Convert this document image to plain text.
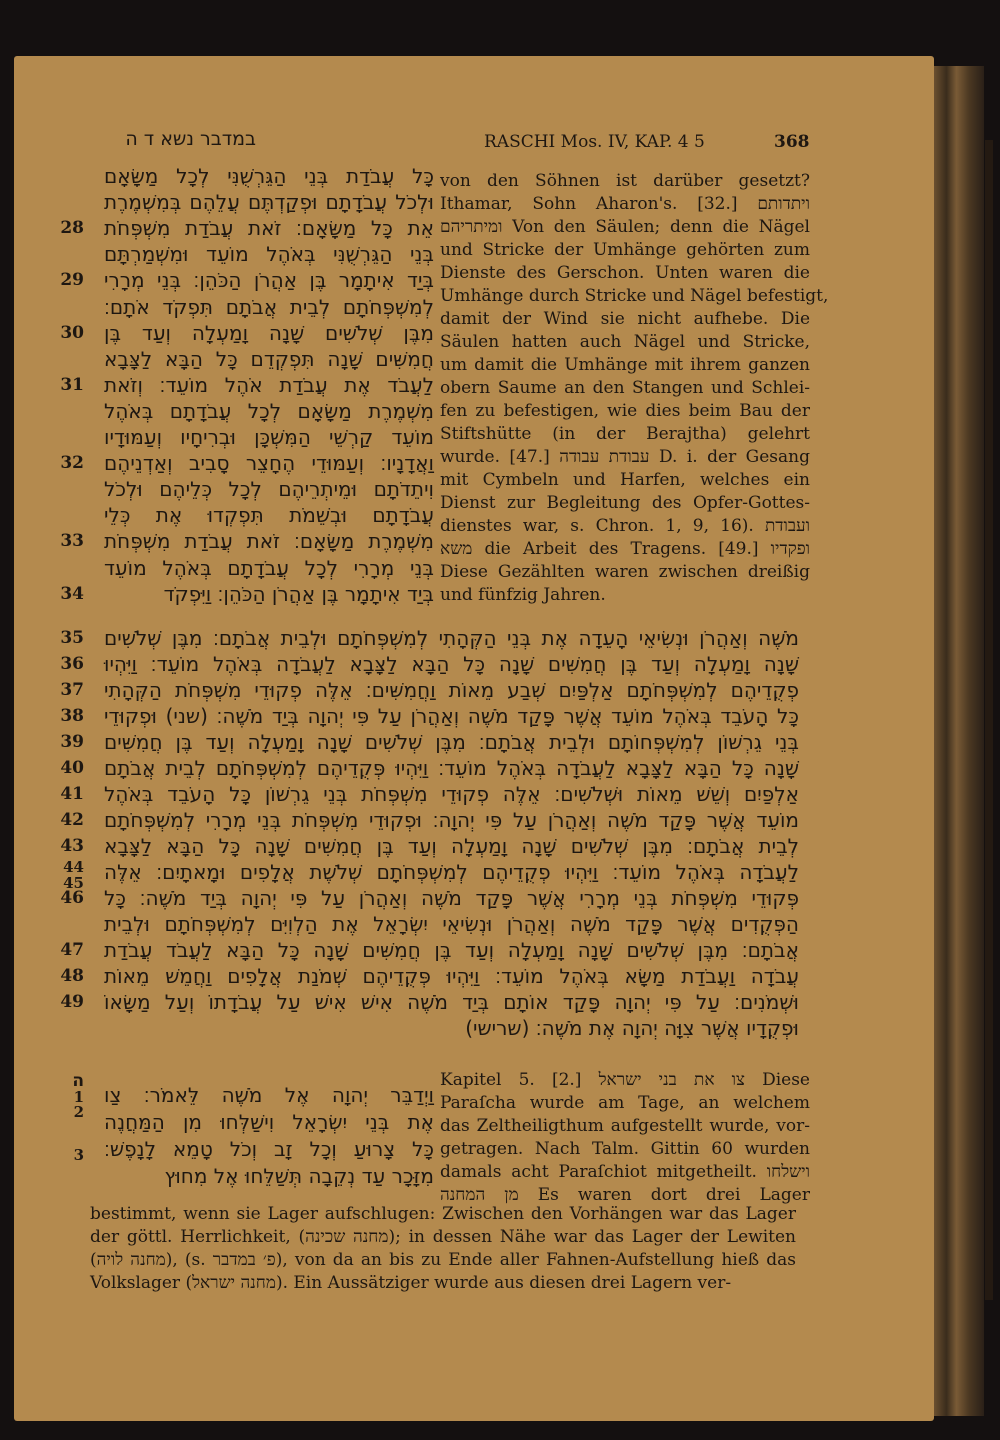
במדבר נשא ד ה	RASCHI Mos. IV, KAP. 4 5	368
כָּל עֲבֹדַת בְּנֵי הַגֵּרְשֻׁנִּי לְכָל מַשָּׂאָם
וּלְכֹל עֲבֹדָתָם וּפְקַדְתֶּם עֲלֵהֶם בְּמִשְׁמֶרֶת
אֵת כָּל מַשָּׂאָם׃ זֹאת עֲבֹדַת מִשְׁפְּחֹת
בְּנֵי הַגֵּרְשֻׁנִּי בְּאֹהֶל מוֹעֵד וּמִשְׁמַרְתָּם
בְּיַד אִיתָמָר בֶּן אַהֲרֹן הַכֹּהֵן׃ בְּנֵי מְרָרִי
לְמִשְׁפְּחֹתָם לְבֵית אֲבֹתָם תִּפְקֹד אֹתָם׃
מִבֶּן שְׁלֹשִׁים שָׁנָה וָמַעְלָה וְעַד בֶּן
חֲמִשִּׁים שָׁנָה תִּפְקְדֵם כָּל הַבָּא לַצָּבָא
לַעֲבֹד אֶת עֲבֹדַת אֹהֶל מוֹעֵד׃ וְזֹאת
מִשְׁמֶרֶת מַשָּׂאָם לְכָל עֲבֹדָתָם בְּאֹהֶל
מוֹעֵד קַרְשֵׁי הַמִּשְׁכָּן וּבְרִיחָיו וְעַמּוּדָיו
וַאֲדָנָיו׃ וְעַמּוּדֵי הֶחָצֵר סָבִיב וְאַדְנֵיהֶם
וִיתֵדֹתָם וּמֵיתְרֵיהֶם לְכָל כְּלֵיהֶם וּלְכֹל
עֲבֹדָתָם וּבְשֵׁמֹת תִּפְקְדוּ אֶת כְּלֵי
מִשְׁמֶרֶת מַשָּׂאָם׃ זֹאת עֲבֹדַת מִשְׁפְּחֹת
בְּנֵי מְרָרִי לְכָל עֲבֹדָתָם בְּאֹהֶל מוֹעֵד
בְּיַד אִיתָמָר בֶּן אַהֲרֹן הַכֹּהֵן׃ וַיִּפְקֹד
28
29
30
31
32
33
34
von den Söhnen ist darüber gesetzt?
Ithamar, Sohn Aharon's. [32.] ויתדותם
ומיתריהם Von den Säulen; denn die Nägel
und Stricke der Umhänge gehörten zum
Dienste des Gerschon. Unten waren die
Umhänge durch Stricke und Nägel befestigt,
damit der Wind sie nicht aufhebe. Die
Säulen hatten auch Nägel und Stricke,
um damit die Umhänge mit ihrem ganzen
obern Saume an den Stangen und Schlei-
fen zu befestigen, wie dies beim Bau der
Stiftshütte (in der Berajtha) gelehrt
wurde. [47.] עבודת עבודה D. i. der Gesang
mit Cymbeln und Harfen, welches ein
Dienst zur Begleitung des Opfer-Gottes-
dienstes war, s. Chron. 1, 9, 16). ועבודת
משא die Arbeit des Tragens. [49.] ופקדיו
Diese Gezählten waren zwischen dreißig
und fünfzig Jahren.
מֹשֶׁה וְאַהֲרֹן וּנְשִׂיאֵי הָעֵדָה אֶת בְּנֵי הַקְּהָתִי לְמִשְׁפְּחֹתָם וּלְבֵית אֲבֹתָם׃ מִבֶּן שְׁלֹשִׁים
שָׁנָה וָמַעְלָה וְעַד בֶּן חֲמִשִּׁים שָׁנָה כָּל הַבָּא לַצָּבָא לַעֲבֹדָה בְּאֹהֶל מוֹעֵד׃ וַיִּהְיוּ
פְקֻדֵיהֶם לְמִשְׁפְּחֹתָם אַלְפַּיִם שְׁבַע מֵאוֹת וַחֲמִשִּׁים׃ אֵלֶּה פְקוּדֵי מִשְׁפְּחֹת הַקְּהָתִי
כָּל הָעֹבֵד בְּאֹהֶל מוֹעֵד אֲשֶׁר פָּקַד מֹשֶׁה וְאַהֲרֹן עַל פִּי יְהוָה בְּיַד מֹשֶׁה׃ (שני) וּפְקוּדֵי
בְּנֵי גֵרְשׁוֹן לְמִשְׁפְּחוֹתָם וּלְבֵית אֲבֹתָם׃ מִבֶּן שְׁלֹשִׁים שָׁנָה וָמַעְלָה וְעַד בֶּן חֲמִשִּׁים
שָׁנָה כָּל הַבָּא לַצָּבָא לַעֲבֹדָה בְּאֹהֶל מוֹעֵד׃ וַיִּהְיוּ פְּקֻדֵיהֶם לְמִשְׁפְּחֹתָם לְבֵית אֲבֹתָם
אַלְפַּיִם וְשֵׁשׁ מֵאוֹת וּשְׁלֹשִׁים׃ אֵלֶּה פְקוּדֵי מִשְׁפְּחֹת בְּנֵי גֵרְשׁוֹן כָּל הָעֹבֵד בְּאֹהֶל
מוֹעֵד אֲשֶׁר פָּקַד מֹשֶׁה וְאַהֲרֹן עַל פִּי יְהוָה׃ וּפְקוּדֵי מִשְׁפְּחֹת בְּנֵי מְרָרִי לְמִשְׁפְּחֹתָם
לְבֵית אֲבֹתָם׃ מִבֶּן שְׁלֹשִׁים שָׁנָה וָמַעְלָה וְעַד בֶּן חֲמִשִּׁים שָׁנָה כָּל הַבָּא לַצָּבָא
לַעֲבֹדָה בְּאֹהֶל מוֹעֵד׃ וַיִּהְיוּ פְקֻדֵיהֶם לְמִשְׁפְּחֹתָם שְׁלֹשֶׁת אֲלָפִים וּמָאתָיִם׃ אֵלֶּה
פְּקוּדֵי מִשְׁפְּחֹת בְּנֵי מְרָרִי אֲשֶׁר פָּקַד מֹשֶׁה וְאַהֲרֹן עַל פִּי יְהוָה בְּיַד מֹשֶׁה׃ כָּל
הַפְּקֻדִים אֲשֶׁר פָּקַד מֹשֶׁה וְאַהֲרֹן וּנְשִׂיאֵי יִשְׂרָאֵל אֶת הַלְוִיִּם לְמִשְׁפְּחֹתָם וּלְבֵית
אֲבֹתָם׃ מִבֶּן שְׁלֹשִׁים שָׁנָה וָמַעְלָה וְעַד בֶּן חֲמִשִּׁים שָׁנָה כָּל הַבָּא לַעֲבֹד עֲבֹדַת
עֲבֹדָה וַעֲבֹדַת מַשָּׂא בְּאֹהֶל מוֹעֵד׃ וַיִּהְיוּ פְּקֻדֵיהֶם שְׁמֹנַת אֲלָפִים וַחֲמֵשׁ מֵאוֹת
וּשְׁמֹנִים׃ עַל פִּי יְהוָה פָּקַד אוֹתָם בְּיַד מֹשֶׁה אִישׁ אִישׁ עַל עֲבֹדָתוֹ וְעַל מַשָּׂאוֹ
וּפְקֻדָיו אֲשֶׁר צִוָּה יְהוָה אֶת מֹשֶׁה׃ (שרישי)
35
36
37
38
39
40
41
42
43
44
45
46
47
48
49
ה
1
2
3
וַיְדַבֵּר יְהוָה אֶל מֹשֶׁה לֵּאמֹר׃ צַו
אֶת בְּנֵי יִשְׂרָאֵל וִישַׁלְּחוּ מִן הַמַּחֲנֶה
כָּל צָרוּעַ וְכָל זָב וְכֹל טָמֵא לָנָפֶשׁ׃
מִזָּכָר עַד נְקֵבָה תְּשַׁלֵּחוּ אֶל מִחוּץ
Kapitel 5. [2.] צו את בני ישראל Diese
Paraſcha wurde am Tage, an welchem
das Zeltheiligthum aufgestellt wurde, vor-
getragen. Nach Talm. Gittin 60 wurden
damals acht Paraſchiot mitgetheilt. וישלחו
מן המחנה Es waren dort drei Lager
bestimmt, wenn sie Lager aufschlugen: Zwischen den Vorhängen war das Lager
der göttl. Herrlichkeit, (מחנה שכינה); in dessen Nähe war das Lager der Lewiten
(מחנה לויה), (s. פ׳ במדבר), von da an bis zu Ende aller Fahnen-Aufstellung hieß das
Volkslager (מחנה ישראל). Ein Aussätziger wurde aus diesen drei Lagern ver-
